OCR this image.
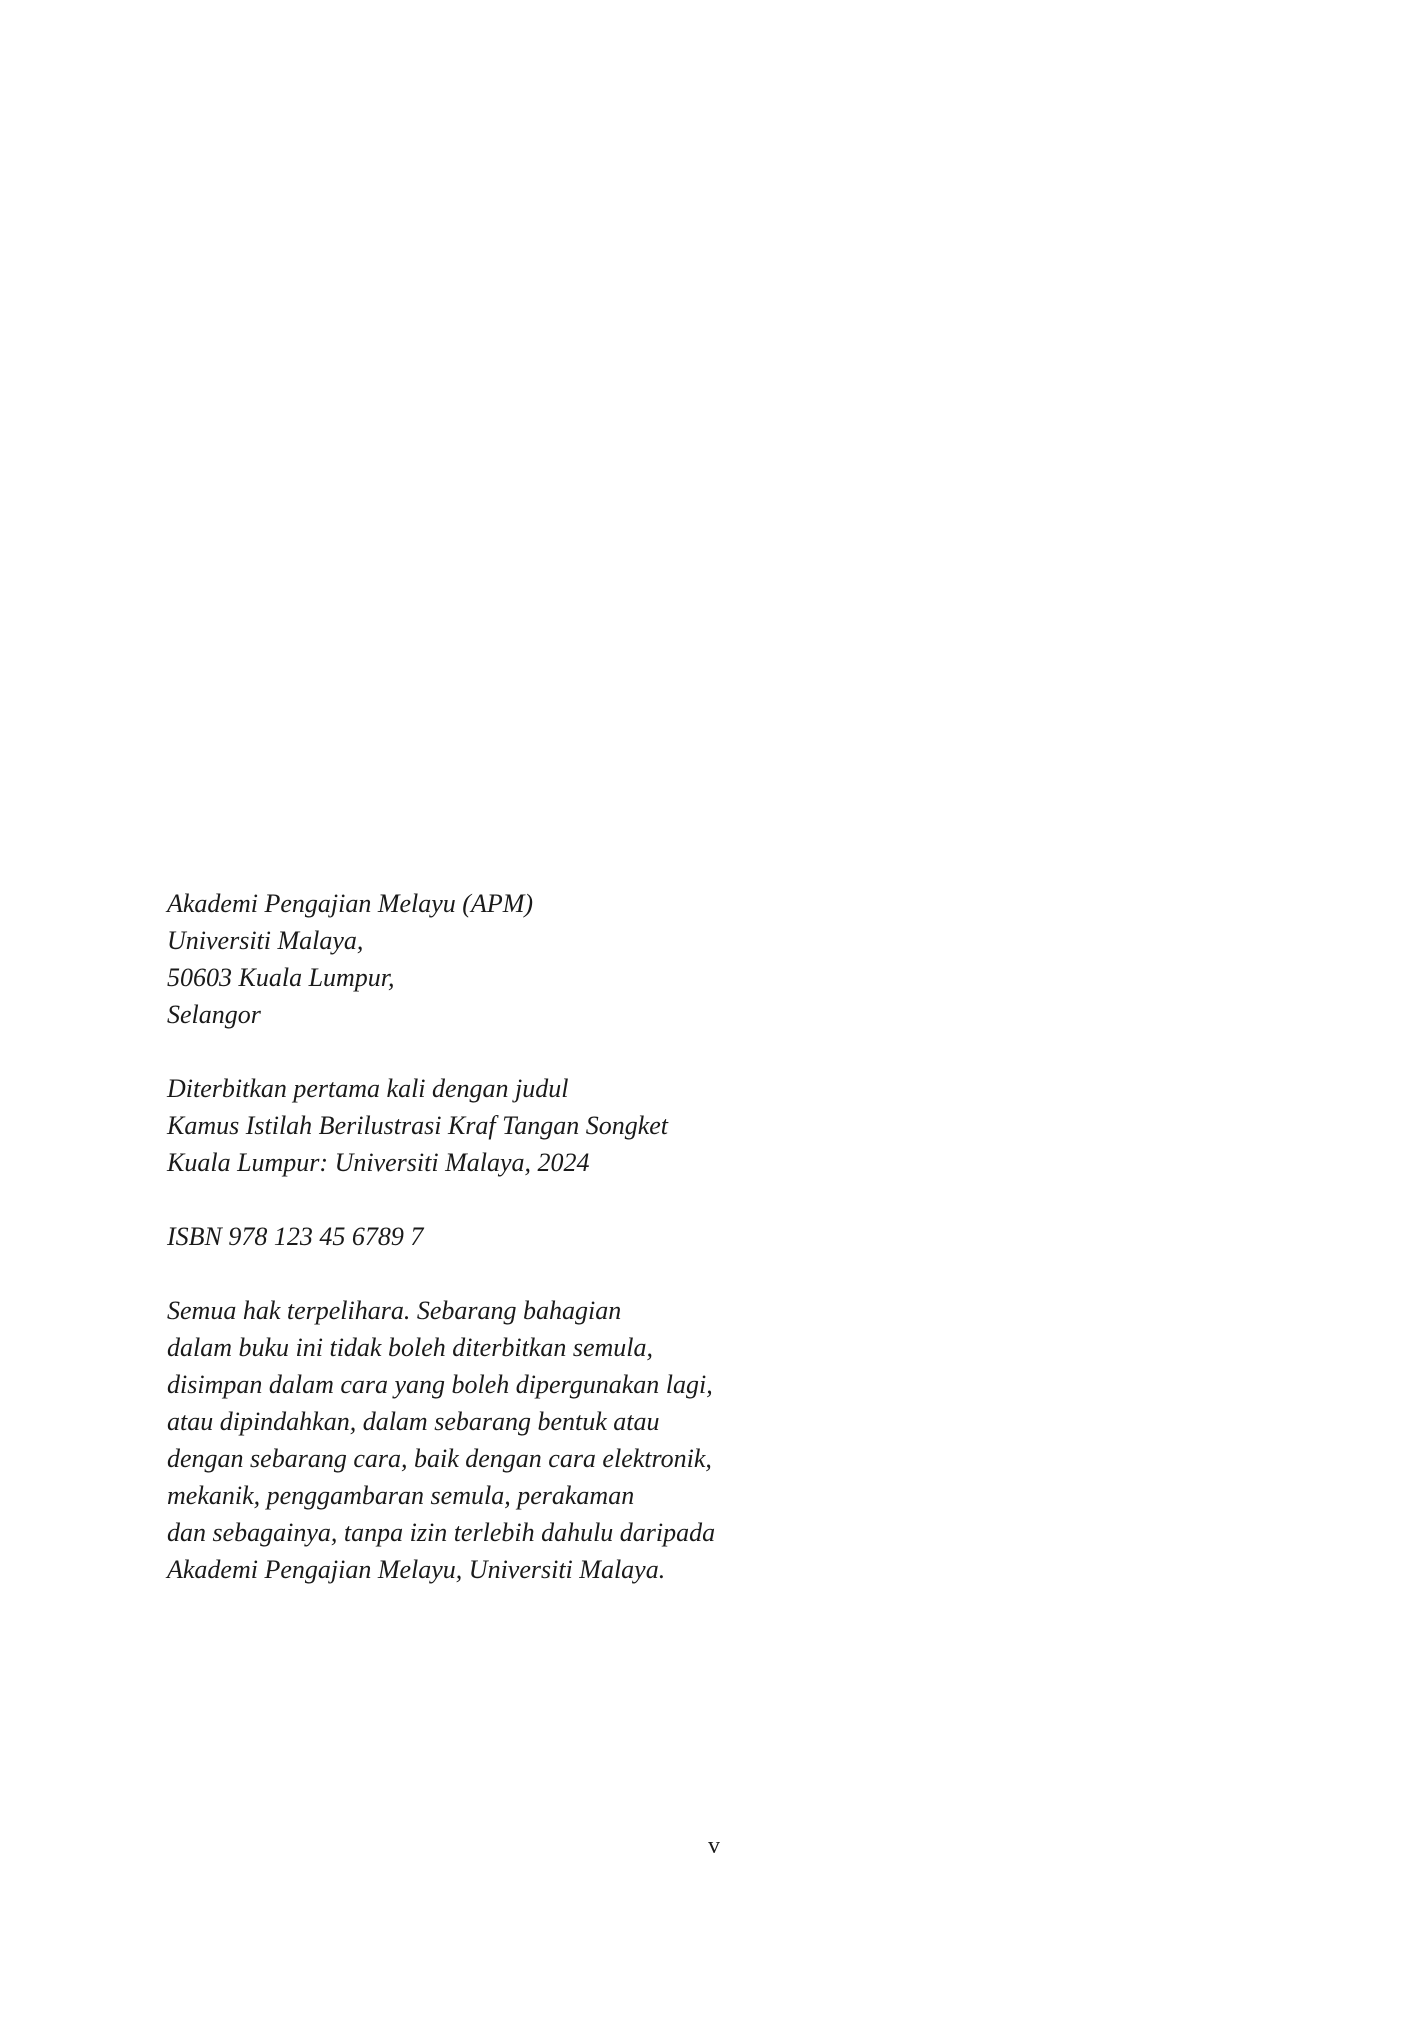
Akademi Pengajian Melayu (APM)
Universiti Malaya,
50603 Kuala Lumpur,
Selangor

Diterbitkan pertama kali dengan judul
Kamus Istilah Berilustrasi Kraf Tangan Songket
Kuala Lumpur: Universiti Malaya, 2024

ISBN 978 123 45 6789 7

Semua hak terpelihara. Sebarang bahagian
dalam buku ini tidak boleh diterbitkan semula,
disimpan dalam cara yang boleh dipergunakan lagi,
atau dipindahkan, dalam sebarang bentuk atau
dengan sebarang cara, baik dengan cara elektronik,
mekanik, penggambaran semula, perakaman
dan sebagainya, tanpa izin terlebih dahulu daripada
Akademi Pengajian Melayu, Universiti Malaya.

v
